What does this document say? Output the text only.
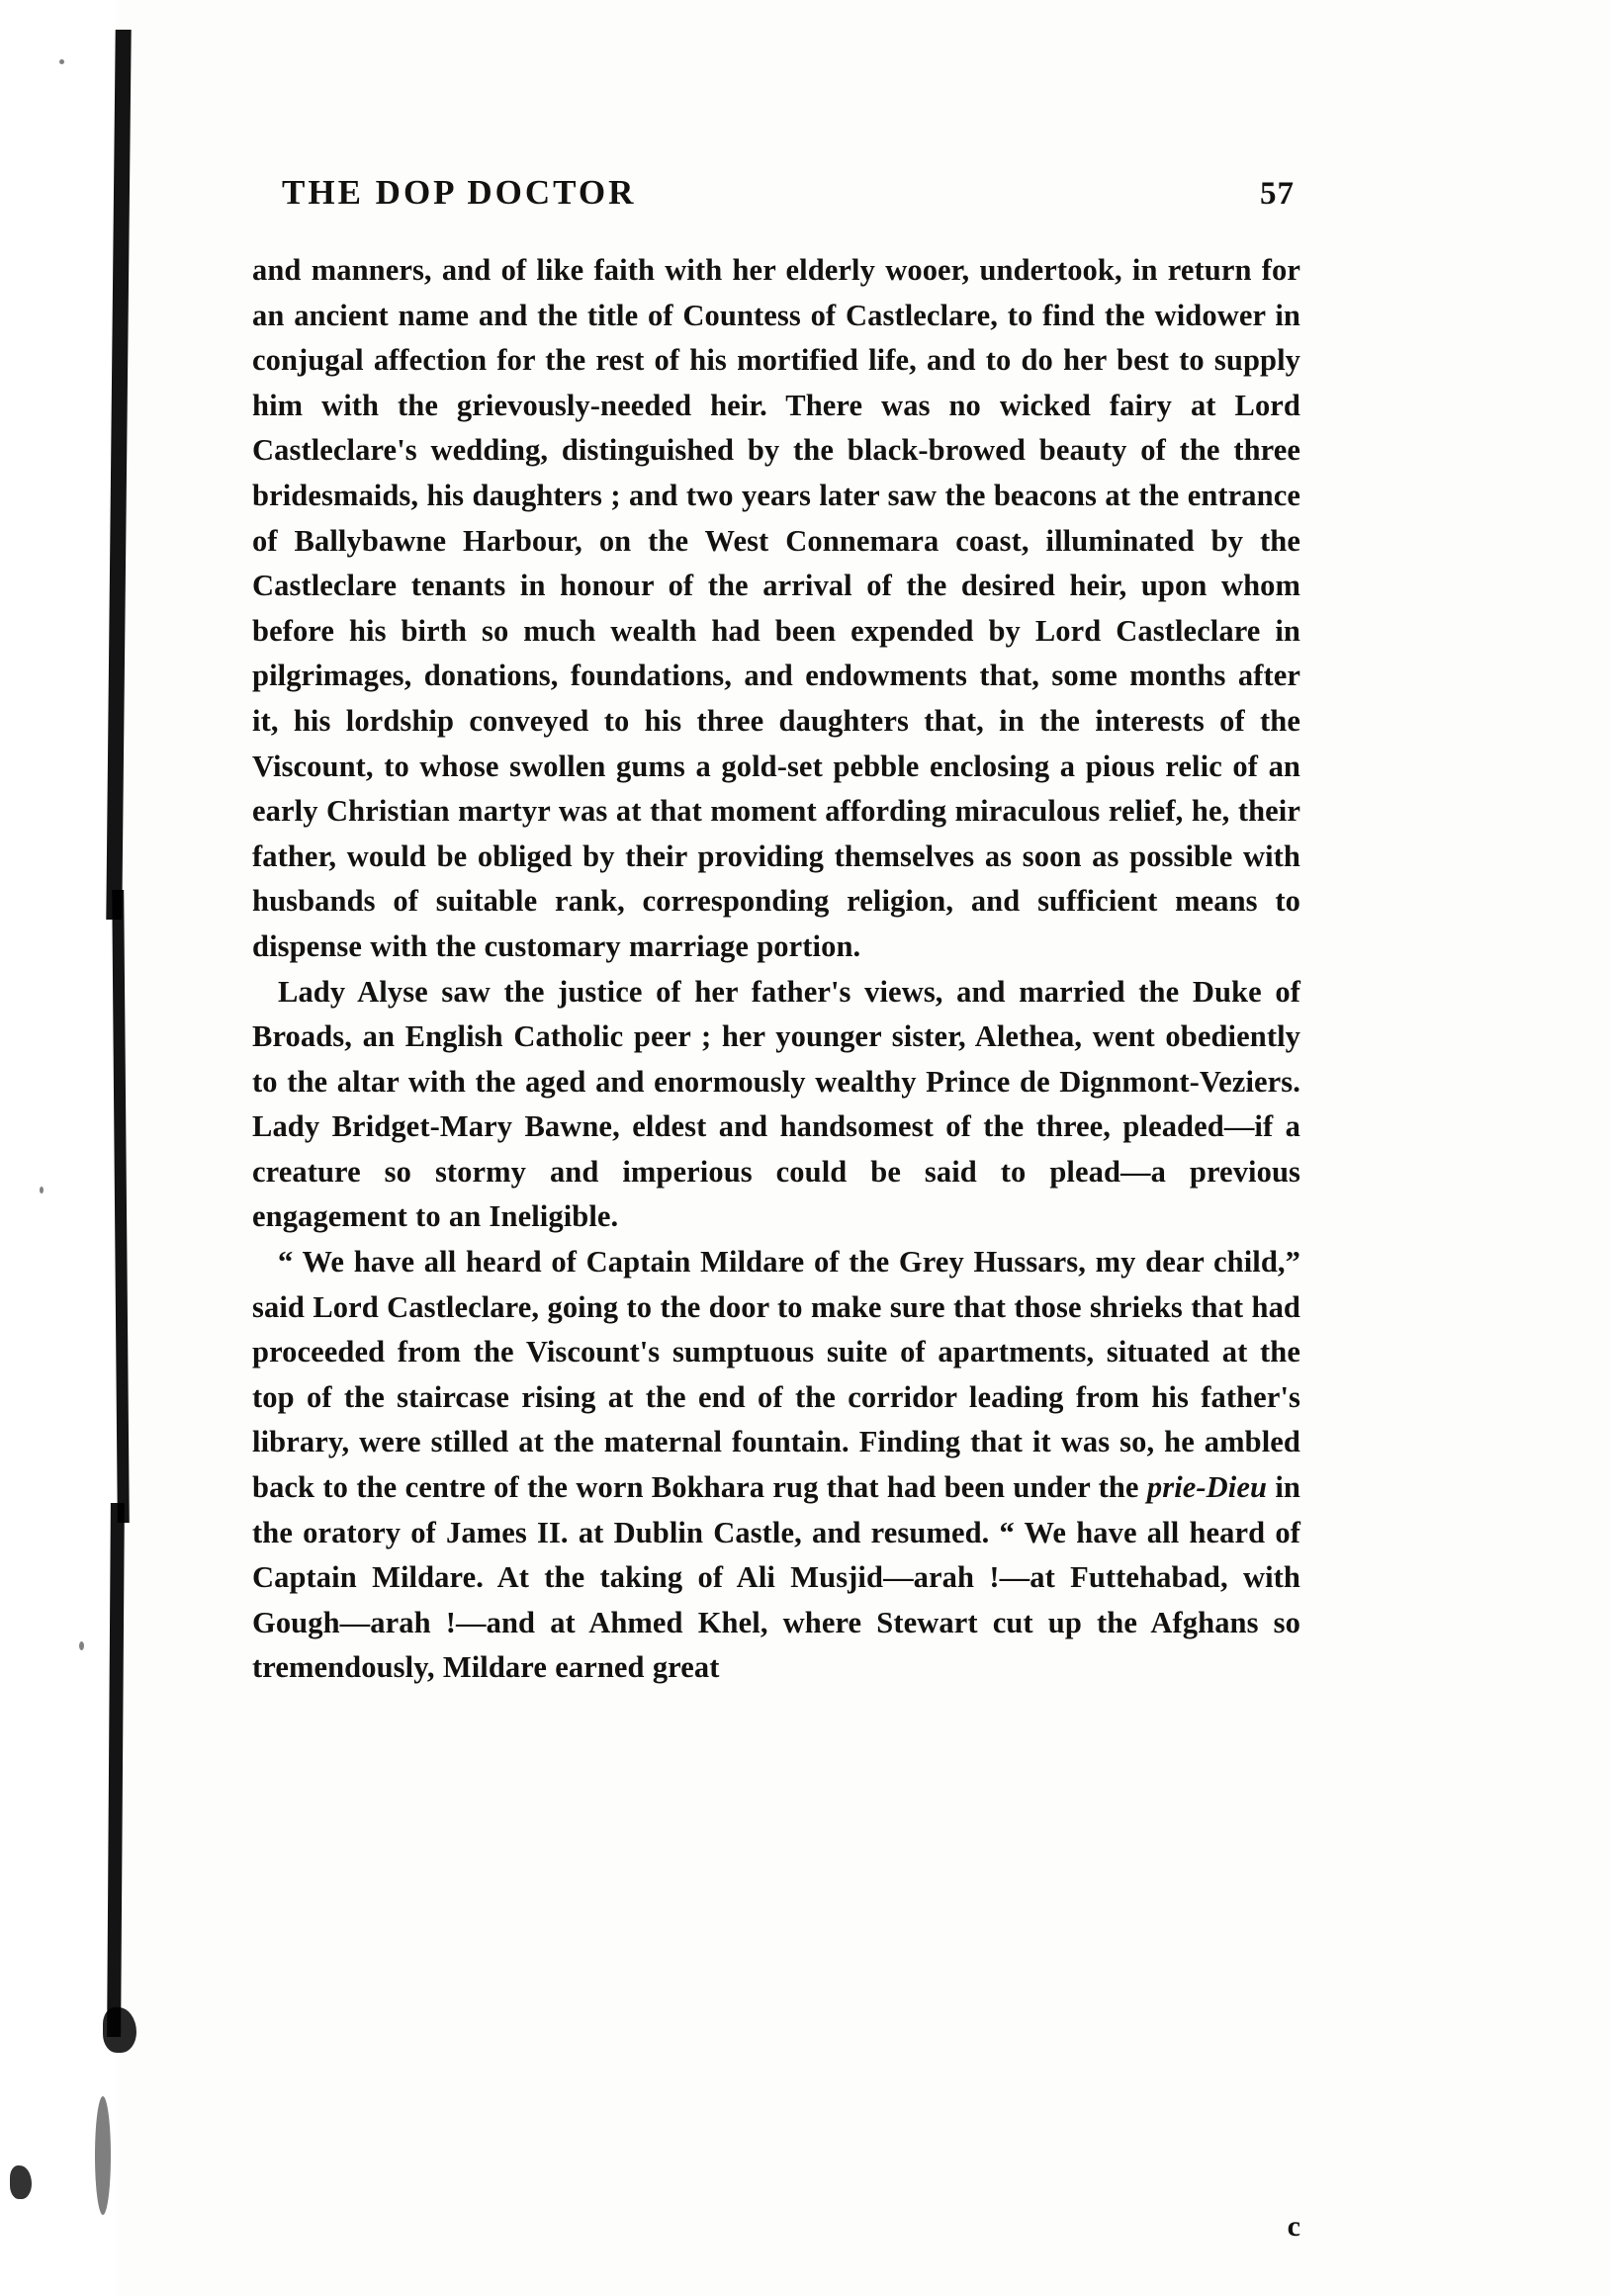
THE DOP DOCTOR	57

and manners, and of like faith with her elderly wooer, undertook, in return for an ancient name and the title of Countess of Castleclare, to find the widower in conjugal affection for the rest of his mortified life, and to do her best to supply him with the grievously-needed heir. There was no wicked fairy at Lord Castleclare's wedding, distinguished by the black-browed beauty of the three bridesmaids, his daughters ; and two years later saw the beacons at the entrance of Ballybawne Harbour, on the West Connemara coast, illuminated by the Castleclare tenants in honour of the arrival of the desired heir, upon whom before his birth so much wealth had been expended by Lord Castleclare in pilgrimages, donations, foundations, and endowments that, some months after it, his lordship conveyed to his three daughters that, in the interests of the Viscount, to whose swollen gums a gold-set pebble enclosing a pious relic of an early Christian martyr was at that moment affording miraculous relief, he, their father, would be obliged by their providing themselves as soon as possible with husbands of suitable rank, corresponding religion, and sufficient means to dispense with the customary marriage portion.

Lady Alyse saw the justice of her father's views, and married the Duke of Broads, an English Catholic peer ; her younger sister, Alethea, went obediently to the altar with the aged and enormously wealthy Prince de Dignmont-Veziers. Lady Bridget-Mary Bawne, eldest and handsomest of the three, pleaded—if a creature so stormy and imperious could be said to plead—a previous engagement to an Ineligible.

“ We have all heard of Captain Mildare of the Grey Hussars, my dear child,” said Lord Castleclare, going to the door to make sure that those shrieks that had proceeded from the Viscount's sumptuous suite of apartments, situated at the top of the staircase rising at the end of the corridor leading from his father's library, were stilled at the maternal fountain. Finding that it was so, he ambled back to the centre of the worn Bokhara rug that had been under the prie-Dieu in the oratory of James II. at Dublin Castle, and resumed. “ We have all heard of Captain Mildare. At the taking of Ali Musjid—arah !—at Futtehabad, with Gough—arah !—and at Ahmed Khel, where Stewart cut up the Afghans so tremendously, Mildare earned great

c
